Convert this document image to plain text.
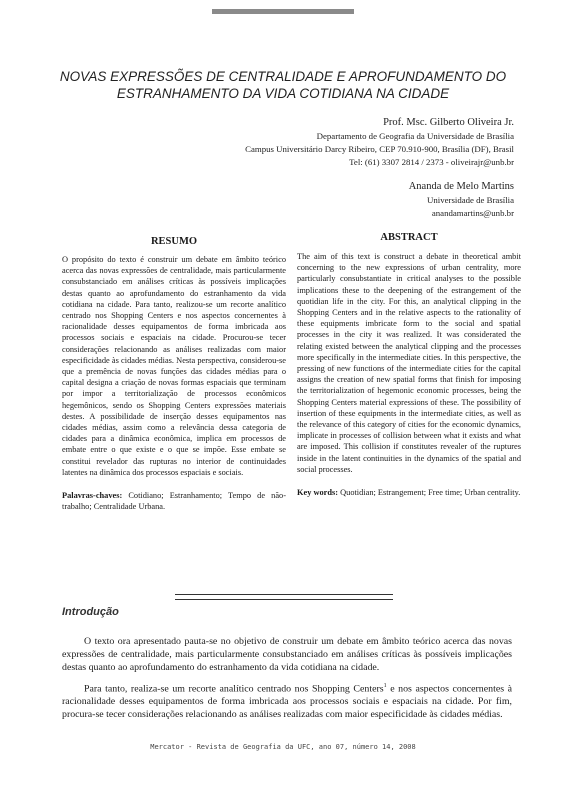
NOVAS EXPRESSÕES DE CENTRALIDADE E APROFUNDAMENTO DO
ESTRANHAMENTO DA VIDA COTIDIANA NA CIDADE
Prof. Msc. Gilberto Oliveira Jr.
Departamento de Geografia da Universidade de Brasília
Campus Universitário Darcy Ribeiro, CEP 70.910-900, Brasília (DF), Brasil
Tel: (61) 3307 2814 / 2373 - oliveirajr@unb.br
Ananda de Melo Martins
Universidade de Brasília
anandamartins@unb.br
RESUMO	ABSTRACT

O propósito do texto é construir um debate em âmbito teórico acerca das novas expressões de centralidade, mais particularmente consubstanciado em análises críticas às possíveis implicações destas quanto ao aprofundamento do estranhamento da vida cotidiana na cidade. Para tanto, realizou-se um recorte analítico centrado nos Shopping Centers e nos aspectos concernentes à racionalidade desses equipamentos de forma imbricada aos processos sociais e espaciais na cidade. Procurou-se tecer considerações relacionando as análises realizadas com maior especificidade às cidades médias. Nesta perspectiva, considerou-se que a premência de novas funções das cidades médias para o capital designa a criação de novas formas espaciais que terminam por impor a territorialização de processos econômicos hegemônicos, sendo os Shopping Centers expressões materiais destes. A possibilidade de inserção desses equipamentos nas cidades médias, assim como a relevância dessa categoria de cidades para a dinâmica econômica, implica em processos de embate entre o que existe e o que se impõe. Esse embate se constitui revelador das rupturas no interior de continuidades latentes na dinâmica dos processos espaciais e sociais.

Palavras-chaves: Cotidiano; Estranhamento; Tempo de não-trabalho; Centralidade Urbana.

The aim of this text is construct a debate in theoretical ambit concerning to the new expressions of urban centrality, more particularly consubstantiate in critical analyses to the possible implications these to the deepening of the estrangement of the quotidian life in the city. For this, an analytical clipping in the Shopping Centers and in the relative aspects to the rationality of these equipments imbricate form to the social and spatial processes in the city it was realized. It was considerated the relating existed between the analytical clipping and the processes more specifically in the intermediate cities. In this perspective, the pressing of new functions of the intermediate cities for the capital assigns the creation of new spatial forms that finish for imposing the territorialization of hegemonic economic processes, being the Shopping Centers material expressions of these. The possibility of insertion of these equipments in the intermediate cities, as well as the relevance of this category of cities for the economic dynamics, implicate in processes of collision between what it exists and what are imposed. This collision if constitutes revealer of the ruptures inside in the latent continuities in the dynamics of the spatial and social processes.

Key words: Quotidian; Estrangement; Free time; Urban centrality.

Introdução

O texto ora apresentado pauta-se no objetivo de construir um debate em âmbito teórico acerca das novas expressões de centralidade, mais particularmente consubstanciado em análises críticas às possíveis implicações destas quanto ao aprofundamento do estranhamento da vida cotidiana na cidade.

Para tanto, realiza-se um recorte analítico centrado nos Shopping Centers$^1$ e nos aspectos concernentes à racionalidade desses equipamentos de forma imbricada aos processos sociais e espaciais na cidade. Por fim, procura-se tecer considerações relacionando as análises realizadas com maior especificidade às cidades médias.

Mercator - Revista de Geografia da UFC, ano 07, número 14, 2008
